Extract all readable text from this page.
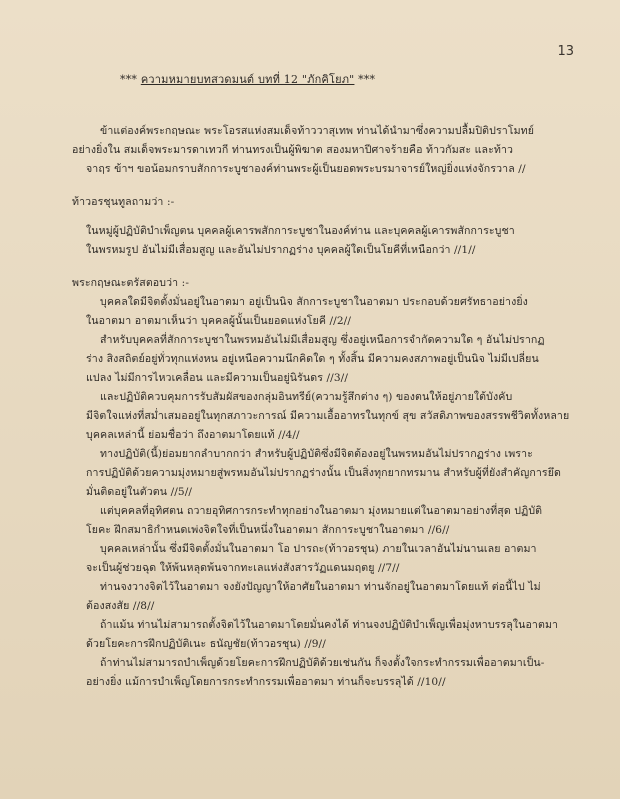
13
*** ความหมายบทสวดมนต์ บทที่ 12 "ภักคิโยภ" ***
ข้าแต่องค์พระกฤษณะ พระโอรสแห่งสมเด็จท้าววาสุเทพ ท่านได้นำมาซึ่งความปลื้มปิติปราโมทย์
อย่างยิ่งใน สมเด็จพระมารดาเทวกี ท่านทรงเป็นผู้พิฆาต สองมหาปีศาจร้ายคือ ท้าวกัมสะ และท้าว
จาฤร ข้าฯ ขอน้อมกราบสักการะบูชาองค์ท่านพระผู้เป็นยอดพระบรมาจารย์ใหญ่ยิ่งแห่งจักรวาล //
ท้าวอรชุนทูลถามว่า :-
ในหมู่ผู้ปฏิบัติบำเพ็ญตน บุคคลผู้เคารพสักการะบูชาในองค์ท่าน และบุคคลผู้เคารพสักการะบูชา
ในพรหมรูป อันไม่มีเสื่อมสูญ และอันไม่ปรากฏร่าง บุคคลผู้ใดเป็นโยคีที่เหนือกว่า //1//
พระกฤษณะตรัสตอบว่า :-
บุคคลใดมีจิตตั้งมั่นอยู่ในอาตมา อยู่เป็นนิจ สักการะบูชาในอาตมา ประกอบด้วยศรัทธาอย่างยิ่ง
ในอาตมา อาตมาเห็นว่า บุคคลผู้นั้นเป็นยอดแห่งโยคี //2//
สำหรับบุคคลที่สักการะบูชาในพรหมอันไม่มีเสื่อมสูญ ซึ่งอยู่เหนือการจำกัดความใด ๆ อันไม่ปรากฏ
ร่าง สิงสถิตย์อยู่ทั่วทุกแห่งหน อยู่เหนือความนึกคิดใด ๆ ทั้งสิ้น มีความคงสภาพอยู่เป็นนิจ ไม่มีเปลี่ยน
แปลง ไม่มีการไหวเคลื่อน และมีความเป็นอยู่นิรันดร //3//
และปฏิบัติควบคุมการรับสัมผัสของกลุ่มอินทรีย์(ความรู้สึกต่าง ๆ) ของตนให้อยู่ภายใต้บังคับ
มีจิตใจแห่งที่สม่ำเสมออยู่ในทุกสภาวะการณ์ มีความเอื้ออาทรในทุกข์ สุข สวัสดิภาพของสรรพชีวิตทั้งหลาย
บุคคลเหล่านี้ ย่อมชื่อว่า ถึงอาตมาโดยแท้ //4//
ทางปฏิบัติ(นี้)ย่อมยากลำบากกว่า สำหรับผู้ปฏิบัติซึ่งมีจิตต้องอยู่ในพรหมอันไม่ปรากฏร่าง เพราะ
การปฏิบัติด้วยความมุ่งหมายสู่พรหมอันไม่ปรากฏร่างนั้น เป็นสิ่งทุกยากทรมาน สำหรับผู้ที่ยังสำคัญการยึด
มั่นติดอยู่ในตัวตน //5//
แต่บุคคลที่อุทิศตน ถวายอุทิศการกระทำทุกอย่างในอาตมา มุ่งหมายแต่ในอาตมาอย่างที่สุด ปฏิบัติ
โยคะ ฝึกสมาธิกำหนดเพ่งจิตใจที่เป็นหนึ่งในอาตมา สักการะบูชาในอาตมา //6//
บุคคลเหล่านั้น ซึ่งมีจิตตั้งมั่นในอาตมา โอ ปารถะ(ท้าวอรชุน) ภายในเวลาอันไม่นานเลย อาตมา
จะเป็นผู้ช่วยฉุด ให้พ้นหลุดพ้นจากทะเลแห่งสังสารวัฏแดนมฤตยู //7//
ท่านจงวางจิตไว้ในอาตมา จงยังปัญญาให้อาศัยในอาตมา ท่านจักอยู่ในอาตมาโดยแท้ ต่อนี้ไป ไม่
ต้องสงสัย //8//
ถ้าแม้น ท่านไม่สามารถตั้งจิตไว้ในอาตมาโดยมั่นคงได้ ท่านจงปฏิบัติบำเพ็ญเพื่อมุ่งหาบรรลุในอาตมา
ด้วยโยคะการฝึกปฏิบัติเนะ ธนัญชัย(ท้าวอรชุน) //9//
ถ้าท่านไม่สามารถบำเพ็ญด้วยโยคะการฝึกปฏิบัติด้วยเช่นกัน ก็จงตั้งใจกระทำกรรมเพื่ออาตมาเป็น-
อย่างยิ่ง แม้การบำเพ็ญโดยการกระทำกรรมเพื่ออาตมา ท่านก็จะบรรลุได้ //10//
